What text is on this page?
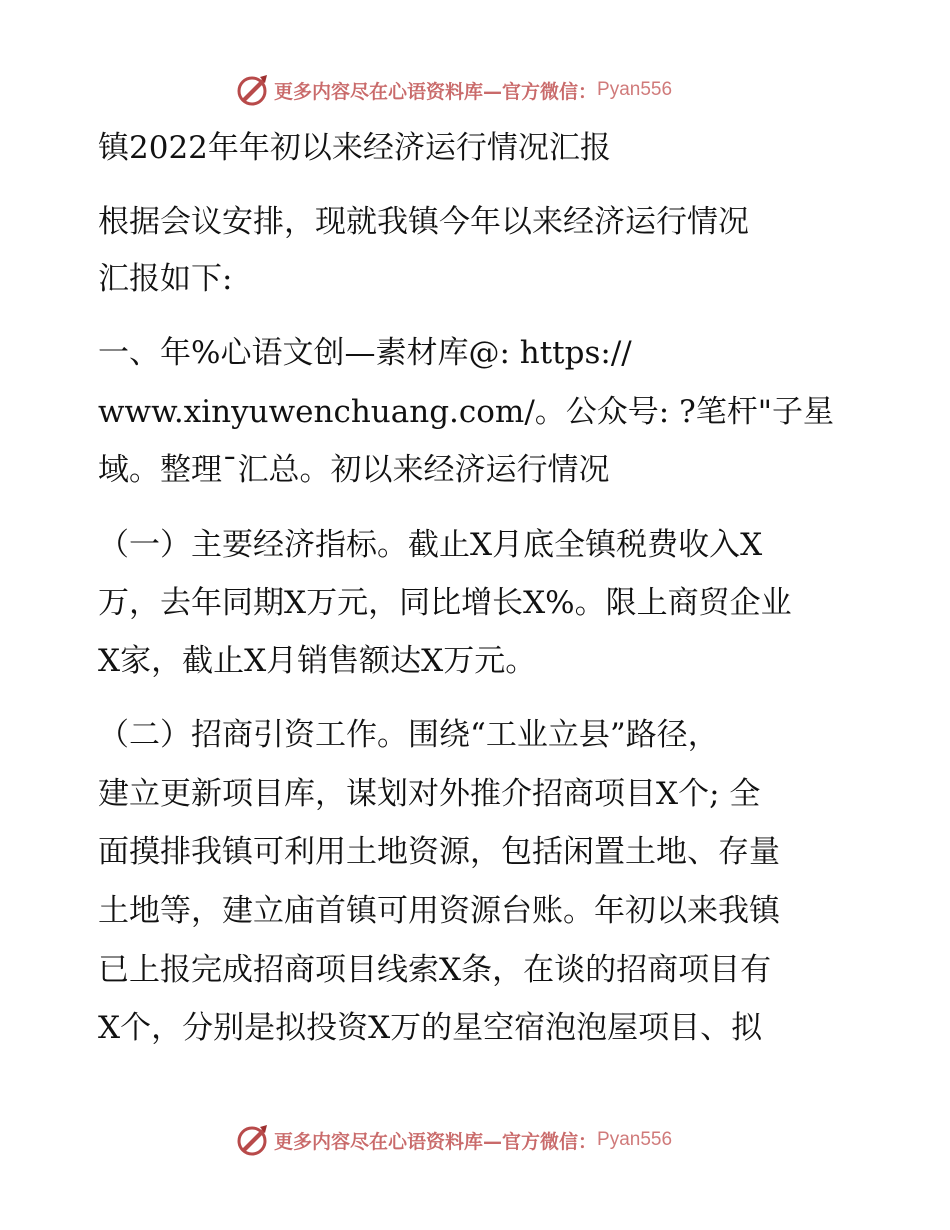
更多内容尽在心语资料库—官方微信： Pyan556
镇2022年年初以来经济运行情况汇报
根据会议安排，现就我镇今年以来经济运行情况
汇报如下:
一、年%心语文创—素材库@: https://
www.xinyuwenchuang.com/。公众号: ?笔杆"子星
域。整理¯汇总。初以来经济运行情况
（一）主要经济指标。截止X月底全镇税费收入X
万，去年同期X万元，同比增长X%。限上商贸企业
X家，截止X月销售额达X万元。
（二）招商引资工作。围绕“工业立县”路径，
建立更新项目库，谋划对外推介招商项目X个; 全
面摸排我镇可利用土地资源，包括闲置土地、存量
土地等，建立庙首镇可用资源台账。年初以来我镇
已上报完成招商项目线索X条，在谈的招商项目有
X个，分别是拟投资X万的星空宿泡泡屋项目、拟
更多内容尽在心语资料库—官方微信： Pyan556
